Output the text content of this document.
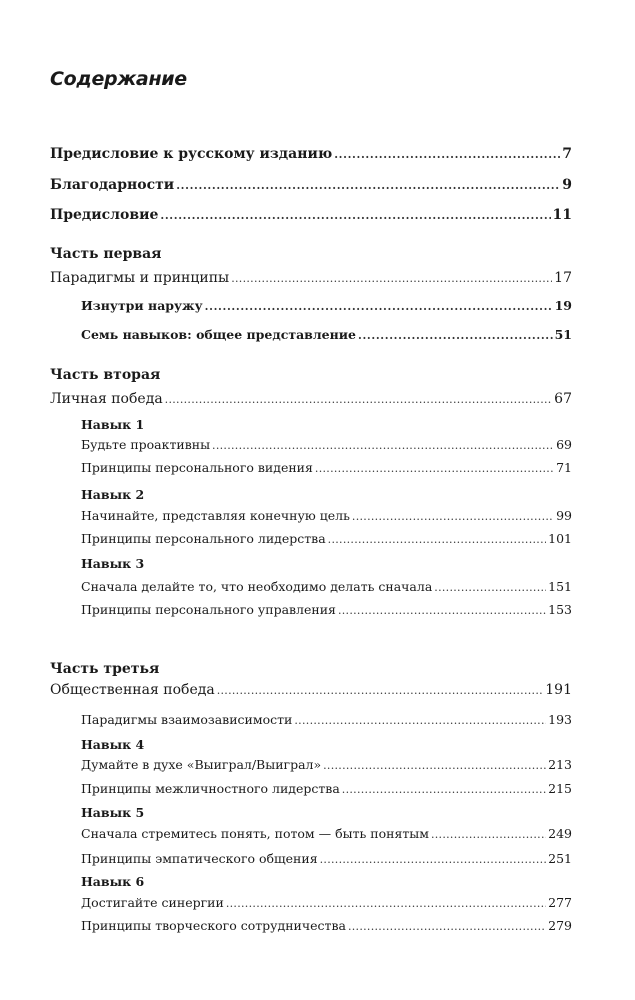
Содержание
Предисловие к русскому изданию . . .	7
Благодарности . . .	9
Предисловие . . .	11
Часть первая
Парадигмы и принципы . . .	17
Изнутри наружу . . .	19
Семь навыков: общее представление . . .	51
Часть вторая
Личная победа . . .	67
Навык 1
Будьте проактивны . . .	69
Принципы персонального видения . . .	71
Навык 2
Начинайте, представляя конечную цель . . .	99
Принципы персонального лидерства . . .	101
Навык 3
Сначала делайте то, что необходимо делать сначала . . .	151
Принципы персонального управления . . .	153
Часть третья
Общественная победа . . .	191
Парадигмы взаимозависимости . . .	193
Навык 4
Думайте в духе «Выиграл/Выиграл» . . .	213
Принципы межличностного лидерства . . .	215
Навык 5
Сначала стремитесь понять, потом — быть понятым . . .	249
Принципы эмпатического общения . . .	251
Навык 6
Достигайте синергии . . .	277
Принципы творческого сотрудничества . . .	279
